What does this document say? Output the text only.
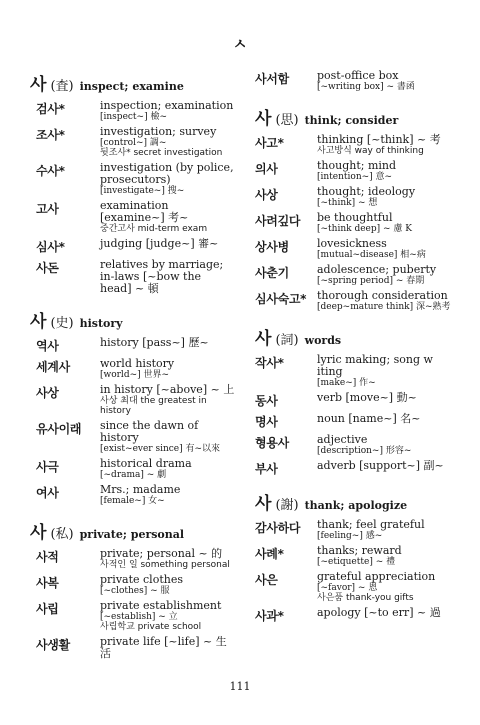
ㅅ
사 (査) inspect; examine
검사*	inspection; examination
[inspect~] 檢~
조사*	investigation; survey
[control~] 調~
뒷조사* secret investigation
수사*	investigation (by police, prosecutors)
[investigate~] 搜~
고사	examination [examine~] 考~
중간고사 mid-term exam
심사*	judging [judge~] 審~
사돈	relatives by marriage; in-laws [~bow the head] ~ 頓
사 (史) history
역사	history [pass~] 歷~
세계사	world history
[world~] 世界~
사상	in history [~above] ~ 上
사상 최대 the greatest in history
유사이래	since the dawn of history
[exist~ever since] 有~以來
사극	historical drama
[~drama] ~ 劇
여사	Mrs.; madame
[female~] 女~
사 (私) private; personal
사적	private; personal ~ 的
사적인 일 something personal
사복	private clothes
[~clothes] ~ 服
사립	private establishment
[~establish] ~ 立
사립학교 private school
사생활	private life [~life] ~ 生活
사서함	post-office box
[~writing box] ~ 書函
사 (思) think; consider
사고*	thinking [~think] ~ 考
사고방식 way of thinking
의사	thought; mind
[intention~] 意~
사상	thought; ideology
[~think] ~ 想
사려깊다	be thoughtful
[~think deep] ~ 慮 K
상사병	lovesickness
[mutual~disease] 相~病
사춘기	adolescence; puberty
[~spring period] ~ 春期
심사숙고* thorough consideration
[deep~mature think] 深~熟考
사 (詞) words
작사*	lyric making; song w iting
[make~] 作~
동사	verb [move~] 動~
명사	noun [name~] 名~
형용사	adjective
[description~] 形容~
부사	adverb [support~] 副~
사 (謝) thank; apologize
감사하다	thank; feel grateful
[feeling~] 感~
사례*	thanks; reward
[~etiquette] ~ 禮
사은	grateful appreciation
[~favor] ~ 恩
사은품 thank-you gifts
사과*	apology [~to err] ~ 過
111
